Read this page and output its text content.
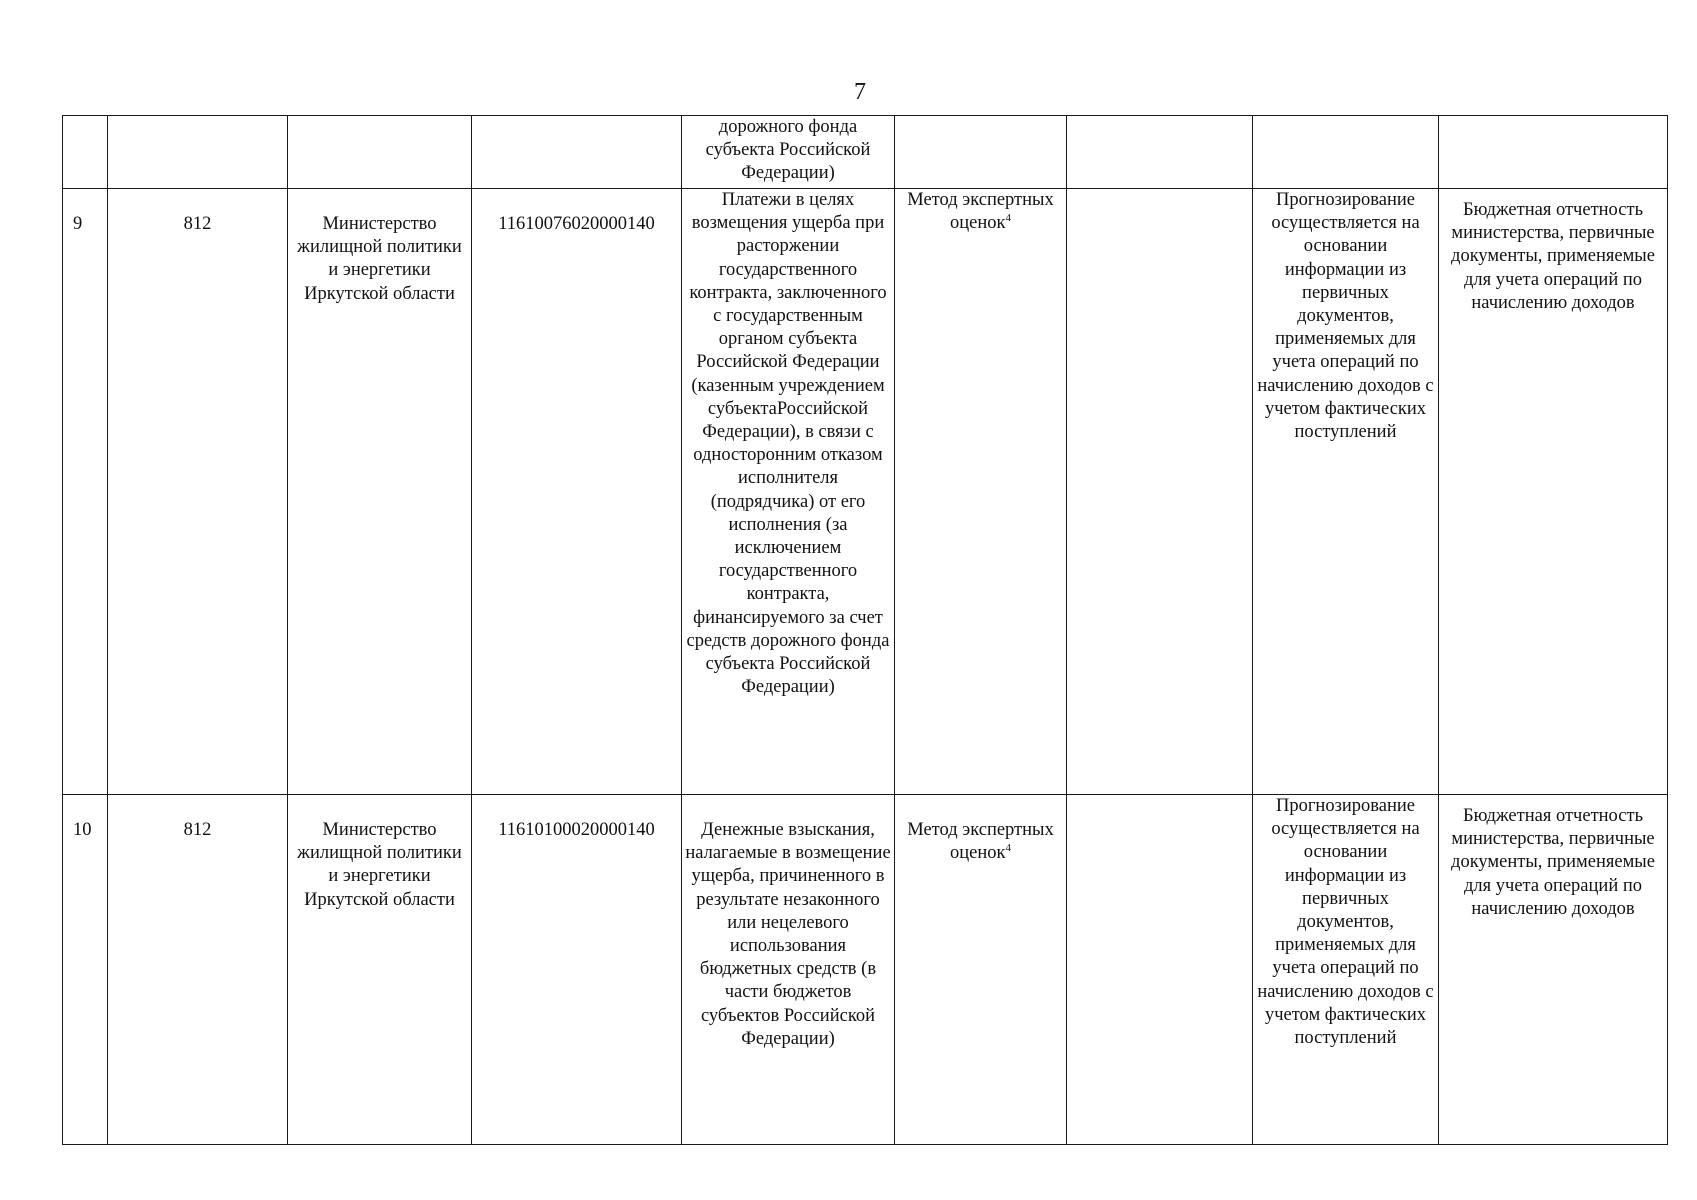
7
				дорожного фонда субъекта Российской Федерации)				
9	812	Министерство жилищной политики и энергетики Иркутской области	11610076020000140	Платежи в целях возмещения ущерба при расторжении государственного контракта, заключенного с государственным органом субъекта Российской Федерации (казенным учреждением субъектаРоссийской Федерации), в связи с односторонним отказом исполнителя (подрядчика) от его исполнения (за исключением государственного контракта, финансируемого за счет средств дорожного фонда субъекта Российской Федерации)	Метод экспертных оценок$^4$		Прогнозирование осуществляется на основании информации из первичных документов, применяемых для учета операций по начислению доходов с учетом фактических поступлений	Бюджетная отчетность министерства, первичные документы, применяемые для учета операций по начислению доходов
10	812	Министерство жилищной политики и энергетики Иркутской области	11610100020000140	Денежные взыскания, налагаемые в возмещение ущерба, причиненного в результате незаконного или нецелевого использования бюджетных средств (в части бюджетов субъектов Российской Федерации)	Метод экспертных оценок$^4$		Прогнозирование осуществляется на основании информации из первичных документов, применяемых для учета операций по начислению доходов с учетом фактических поступлений	Бюджетная отчетность министерства, первичные документы, применяемые для учета операций по начислению доходов
